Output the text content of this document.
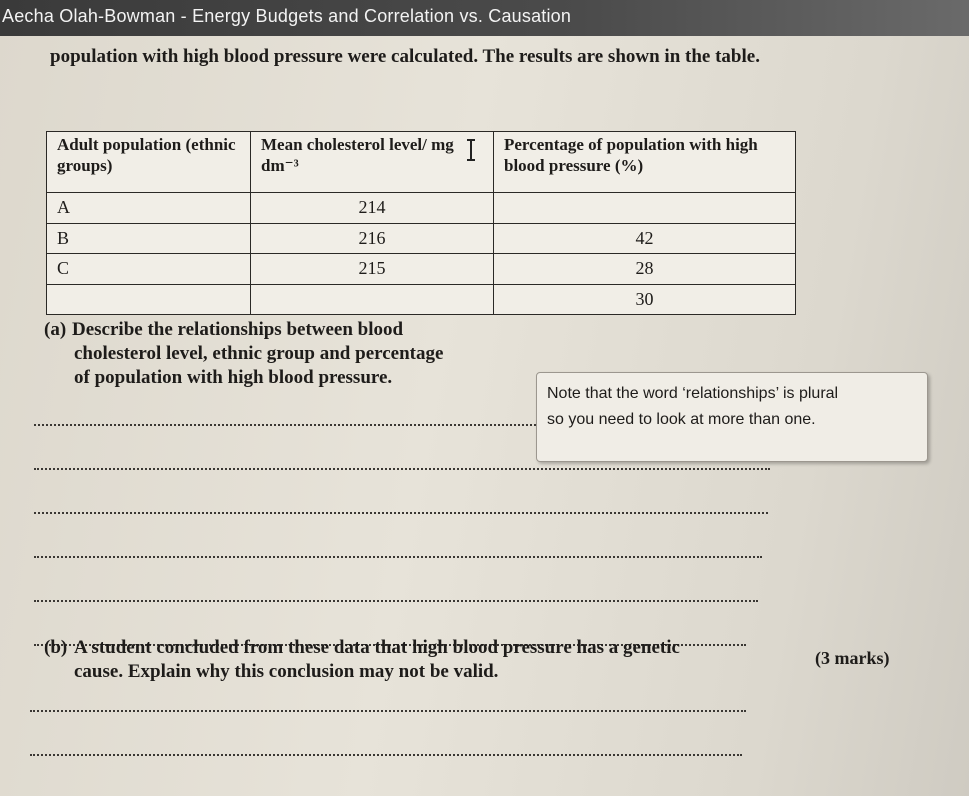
Aecha Olah-Bowman - Energy Budgets and Correlation vs. Causation
population with high blood pressure were calculated. The results are shown in the table.
Adult population (ethnic groups)	Mean cholesterol level/ mg dm⁻³	Percentage of population with high blood pressure (%)
A	214	
B	216	42
C	215	28
		30
(a) Describe the relationships between blood
cholesterol level, ethnic group and percentage
of population with high blood pressure.
Note that the word ‘relationships’ is plural
so you need to look at more than one.
(3 marks)
(b) A student concluded from these data that high blood pressure has a genetic
cause. Explain why this conclusion may not be valid.
